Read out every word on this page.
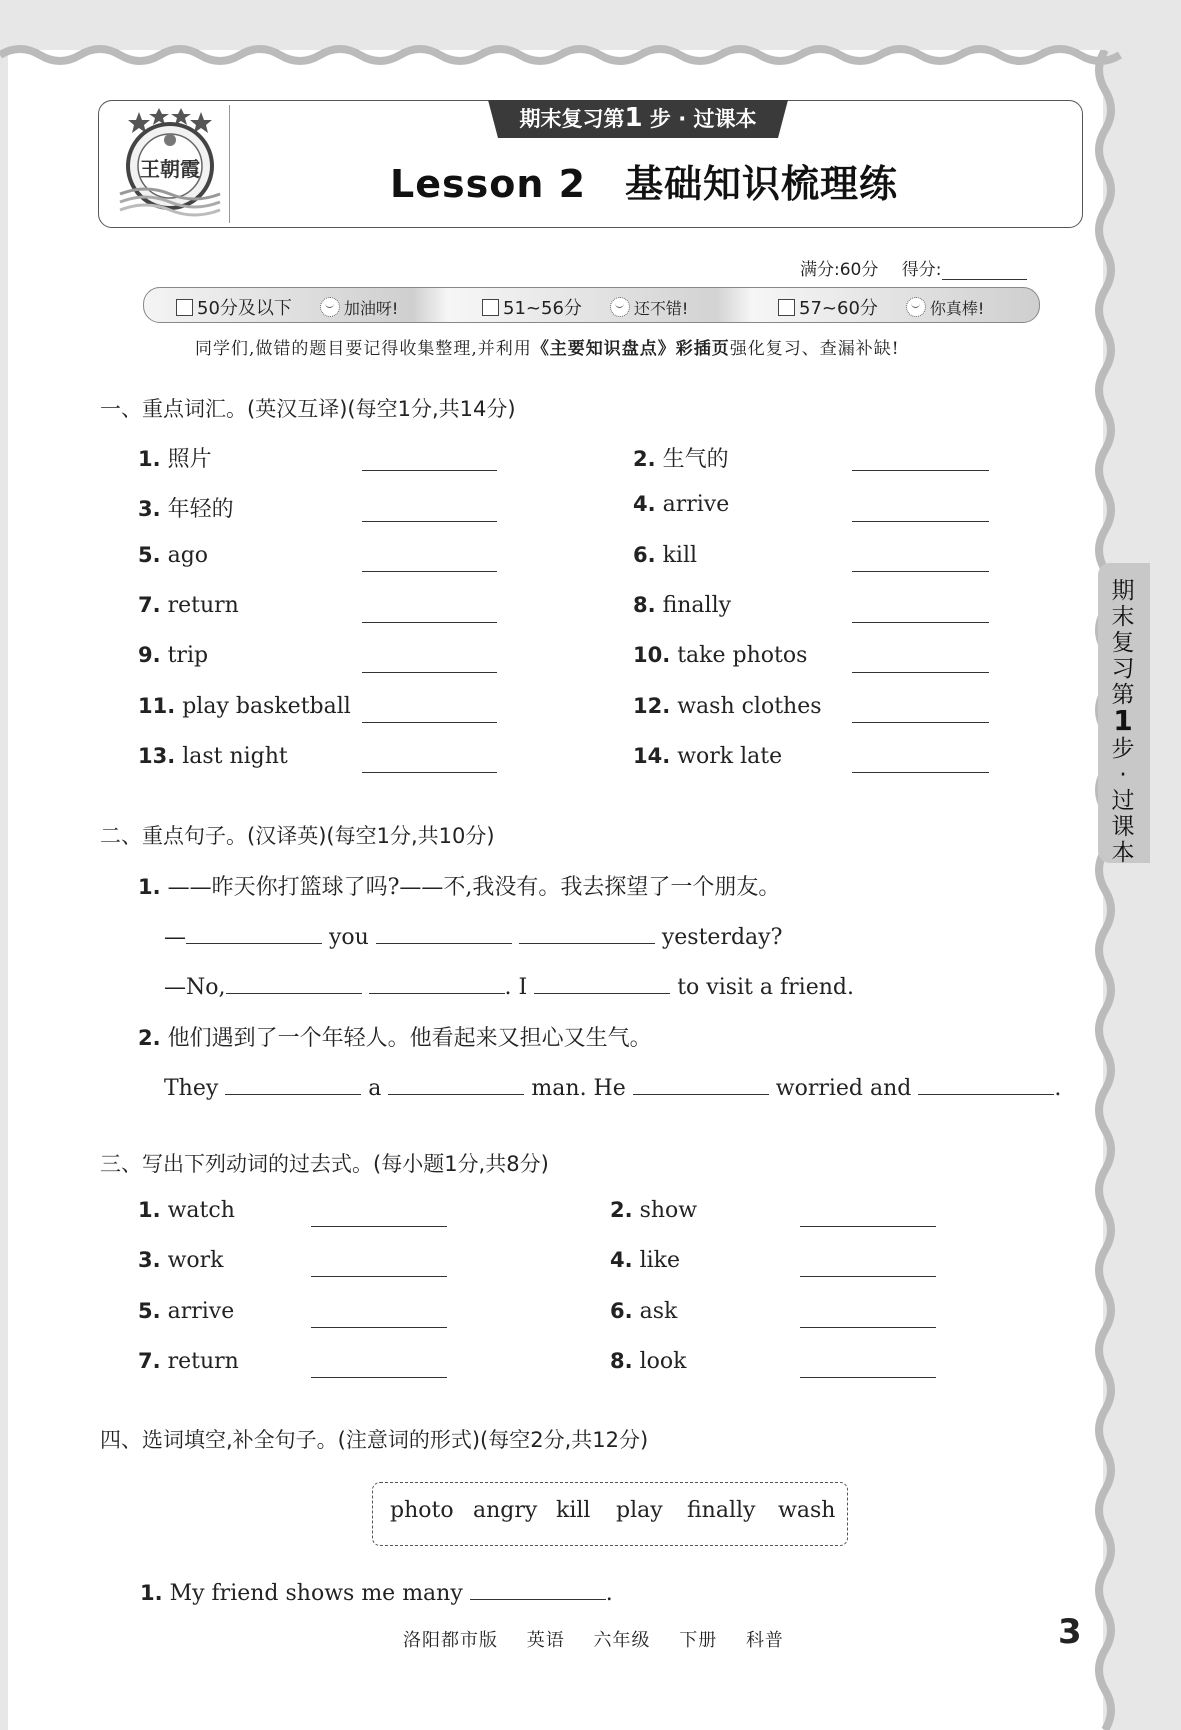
王朝霞
期末复习第1 步 · 过课本
Lesson 2　基础知识梳理练
满分:60分 得分:
50分及以下	加油呀!	51~56分	还不错!	57~60分	你真棒!
同学们,做错的题目要记得收集整理,并利用《主要知识盘点》彩插页强化复习、查漏补缺!
一、重点词汇。(英汉互译)(每空1分,共14分)
1. 照片	2. 生气的
3. 年轻的	4. arrive
5. ago	6. kill
7. return	8. finally
9. trip	10. take photos
11. play basketball	12. wash clothes
13. last night	14. work late
二、重点句子。(汉译英)(每空1分,共10分)
1. ——昨天你打篮球了吗?——不,我没有。我去探望了一个朋友。
—	you	yesterday?
—No,	. I	to visit a friend.
2. 他们遇到了一个年轻人。他看起来又担心又生气。
They	a	man. He	worried and	.
三、写出下列动词的过去式。(每小题1分,共8分)
1. watch	2. show
3. work	4. like
5. arrive	6. ask
7. return	8. look
四、选词填空,补全句子。(注意词的形式)(每空2分,共12分)
photo angry kill play finally wash
1. My friend shows me many	.
期末复习第1步·过课本
洛阳都市版 英语 六年级 下册 科普	3
